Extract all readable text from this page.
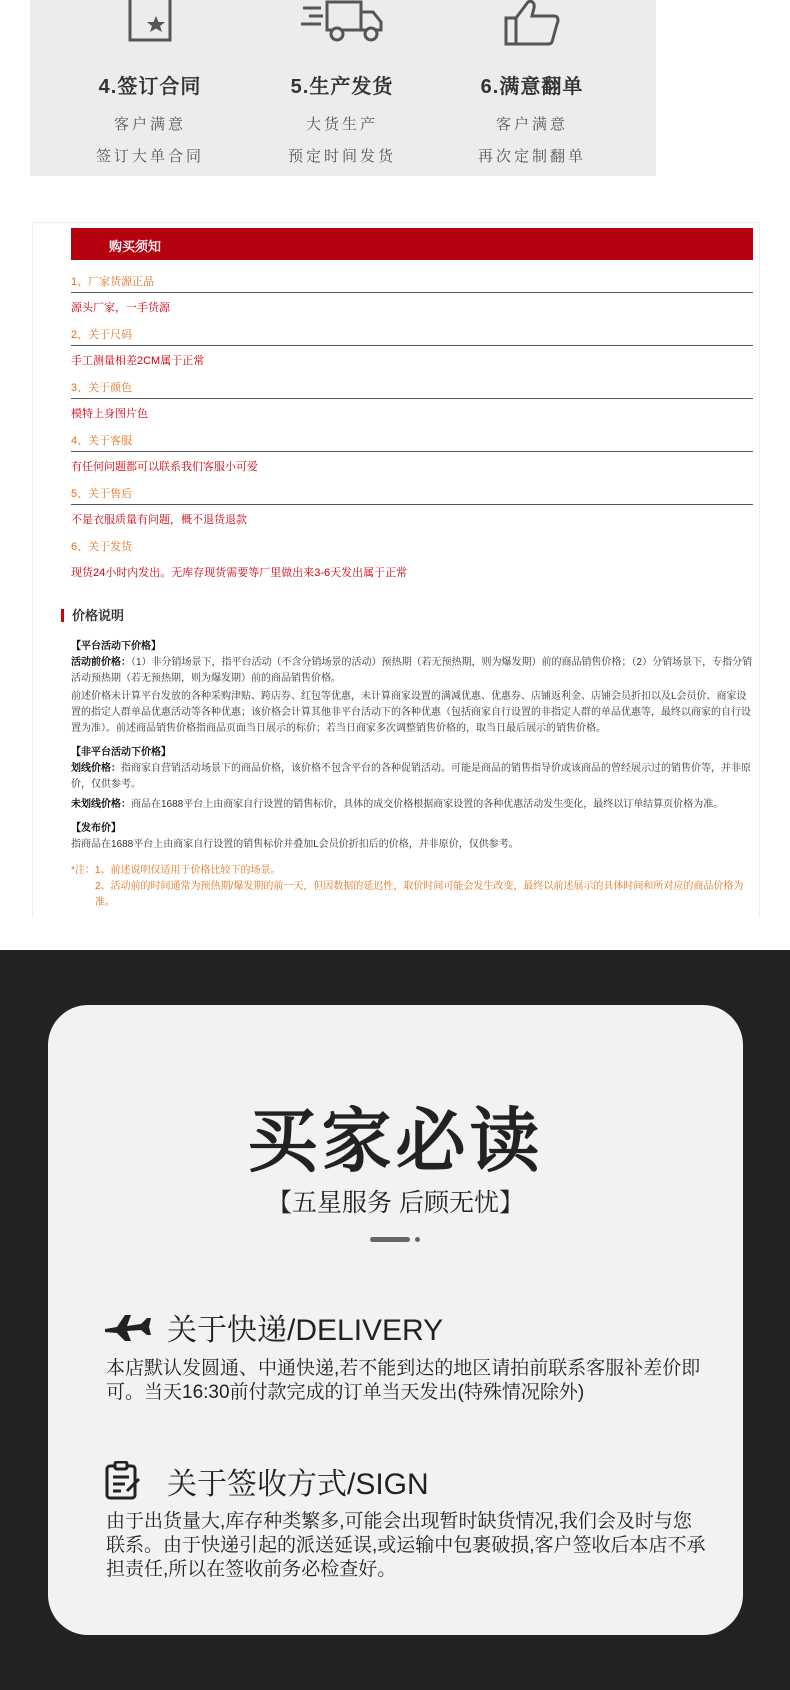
4.签订合同
客户满意
签订大单合同
5.生产发货
大货生产
预定时间发货
6.满意翻单
客户满意
再次定制翻单
购买须知
1、厂家货源正品
源头厂家，一手货源
2、关于尺码
手工测量相差2CM属于正常
3、关于颜色
模特上身图片色
4、关于客服
有任何问题都可以联系我们客服小可爱
5、关于售后
不是衣服质量有问题，概不退货退款
6、关于发货
现货24小时内发出。无库存现货需要等厂里做出来3-6天发出属于正常
价格说明
【平台活动下价格】
活动前价格：（1）非分销场景下，指平台活动（不含分销场景的活动）预热期（若无预热期，则为爆发期）前的商品销售价格；（2）分销场景下，专指分销活动预热期（若无预热期，则为爆发期）前的商品销售价格。
前述价格未计算平台发放的各种采购津贴、跨店券、红包等优惠，未计算商家设置的满减优惠、优惠券、店铺返利金、店铺会员折扣以及L会员价、商家设置的指定人群单品优惠活动等各种优惠；该价格会计算其他非平台活动下的各种优惠（包括商家自行设置的非指定人群的单品优惠等，最终以商家的自行设置为准）。前述商品销售价格指商品页面当日展示的标价；若当日商家多次调整销售价格的，取当日最后展示的销售价格。
【非平台活动下价格】
划线价格：指商家自营销活动场景下的商品价格，该价格不包含平台的各种促销活动。可能是商品的销售指导价或该商品的曾经展示过的销售价等，并非原价，仅供参考。
未划线价格：商品在1688平台上由商家自行设置的销售标价，具体的成交价格根据商家设置的各种优惠活动发生变化，最终以订单结算页价格为准。
【发布价】
指商品在1688平台上由商家自行设置的销售标价并叠加L会员价折扣后的价格，并非原价，仅供参考。
*注：1、前述说明仅适用于价格比较下的场景。
2、活动前的时间通常为预热期/爆发期的前一天，但因数据的延迟性，取价时间可能会发生改变，最终以前述展示的具体时间和所对应的商品价格为准。
买家必读
【五星服务 后顾无忧】
关于快递/DELIVERY
本店默认发圆通、中通快递,若不能到达的地区请拍前联系客服补差价即可。当天16:30前付款完成的订单当天发出(特殊情况除外)
关于签收方式/SIGN
由于出货量大,库存种类繁多,可能会出现暂时缺货情况,我们会及时与您联系。由于快递引起的派送延误,或运输中包裹破损,客户签收后本店不承担责任,所以在签收前务必检查好。
